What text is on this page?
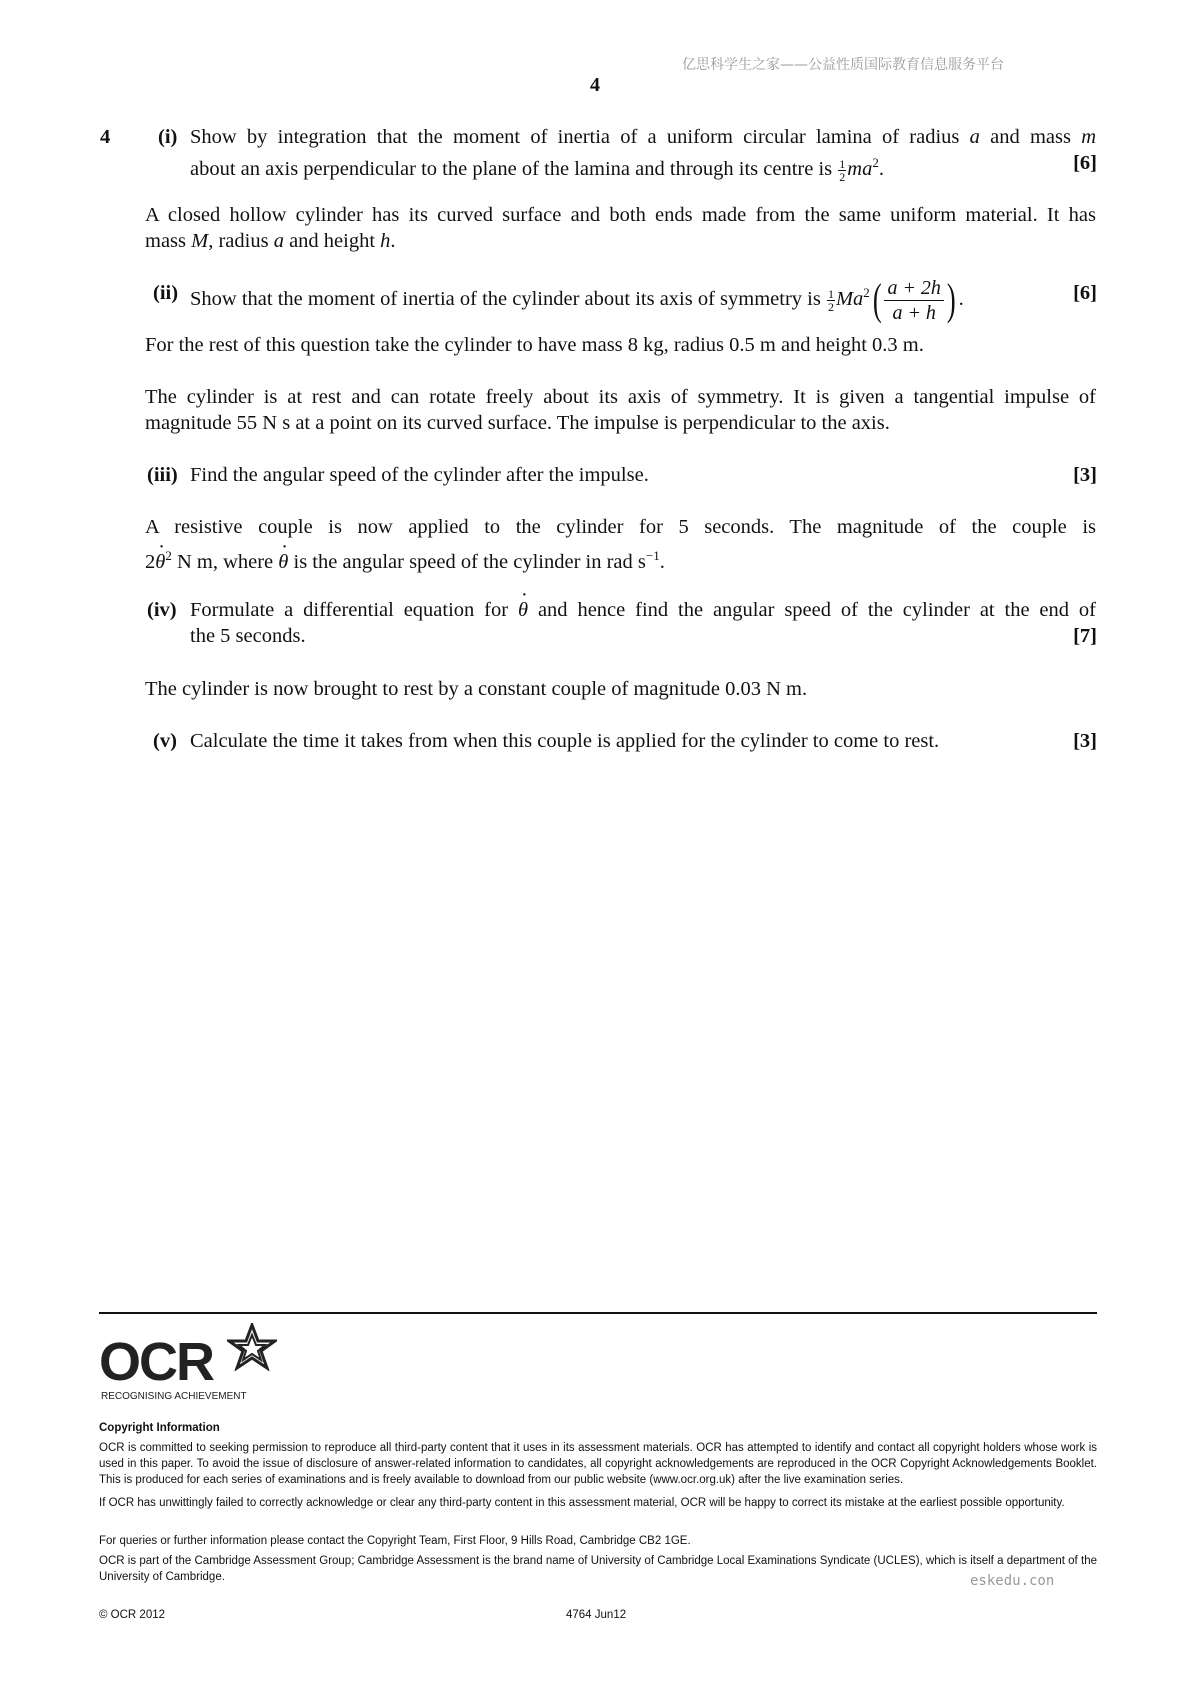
亿思科学生之家——公益性质国际教育信息服务平台
4
4 (i) Show by integration that the moment of inertia of a uniform circular lamina of radius a and mass m
about an axis perpendicular to the plane of the lamina and through its centre is $\frac{1}{2} ma^2$.	[6]
A closed hollow cylinder has its curved surface and both ends made from the same uniform material. It has
mass M, radius a and height h.
(ii) Show that the moment of inertia of the cylinder about its axis of symmetry is $\frac{1}{2} Ma^2( \frac{a + 2h}{a + h}$ ) .	[6]
For the rest of this question take the cylinder to have mass 8 kg, radius 0.5 m and height 0.3 m.
The cylinder is at rest and can rotate freely about its axis of symmetry. It is given a tangential impulse of
magnitude 55 N s at a point on its curved surface. The impulse is perpendicular to the axis.
(iii) Find the angular speed of the cylinder after the impulse.	[3]
A resistive couple is now applied to the cylinder for 5 seconds. The magnitude of the couple is
$2\cdot \theta^2$ N m, where · θ is the angular speed of the cylinder in rad $s^{-1}$.
(iv) Formulate a differential equation for · θ and hence find the angular speed of the cylinder at the end of
the 5 seconds.	[7]
The cylinder is now brought to rest by a constant couple of magnitude 0.03 N m.
(v) Calculate the time it takes from when this couple is applied for the cylinder to come to rest.	[3]
OCR
RECOGNISING ACHIEVEMENT
Copyright Information
OCR is committed to seeking permission to reproduce all third-party content that it uses in its assessment materials. OCR has attempted to identify and contact all copyright holders whose work is used in this paper. To avoid the issue of disclosure of answer-related information to candidates, all copyright acknowledgements are reproduced in the OCR Copyright Acknowledgements Booklet. This is produced for each series of examinations and is freely available to download from our public website (www.ocr.org.uk) after the live examination series.
If OCR has unwittingly failed to correctly acknowledge or clear any third-party content in this assessment material, OCR will be happy to correct its mistake at the earliest possible opportunity.
For queries or further information please contact the Copyright Team, First Floor, 9 Hills Road, Cambridge CB2 1GE.
OCR is part of the Cambridge Assessment Group; Cambridge Assessment is the brand name of University of Cambridge Local Examinations Syndicate (UCLES), which is itself a department of the University of Cambridge.	eskedu.con
© OCR 2012	4764 Jun12
